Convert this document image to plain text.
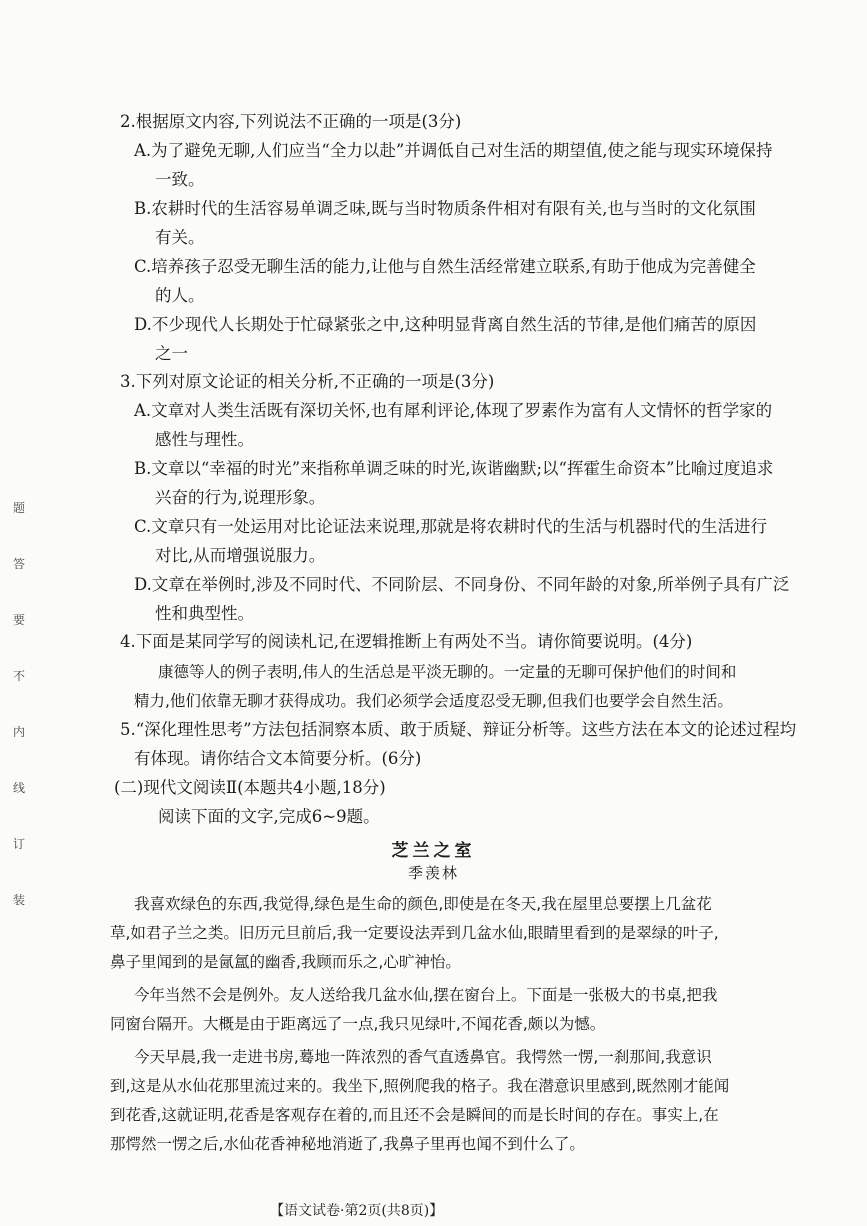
题
答
要
不
内
线
订
装
2.根据原文内容,下列说法不正确的一项是(3分)
A.为了避免无聊,人们应当“全力以赴”并调低自己对生活的期望值,使之能与现实环境保持
一致。
B.农耕时代的生活容易单调乏味,既与当时物质条件相对有限有关,也与当时的文化氛围
有关。
C.培养孩子忍受无聊生活的能力,让他与自然生活经常建立联系,有助于他成为完善健全
的人。
D.不少现代人长期处于忙碌紧张之中,这种明显背离自然生活的节律,是他们痛苦的原因
之一
3.下列对原文论证的相关分析,不正确的一项是(3分)
A.文章对人类生活既有深切关怀,也有犀利评论,体现了罗素作为富有人文情怀的哲学家的
感性与理性。
B.文章以“幸福的时光”来指称单调乏味的时光,诙谐幽默;以“挥霍生命资本”比喻过度追求
兴奋的行为,说理形象。
C.文章只有一处运用对比论证法来说理,那就是将农耕时代的生活与机器时代的生活进行
对比,从而增强说服力。
D.文章在举例时,涉及不同时代、不同阶层、不同身份、不同年龄的对象,所举例子具有广泛
性和典型性。
4.下面是某同学写的阅读札记,在逻辑推断上有两处不当。请你简要说明。(4分)
康德等人的例子表明,伟人的生活总是平淡无聊的。一定量的无聊可保护他们的时间和
精力,他们依靠无聊才获得成功。我们必须学会适度忍受无聊,但我们也要学会自然生活。
5.“深化理性思考”方法包括洞察本质、敢于质疑、辩证分析等。这些方法在本文的论述过程均
有体现。请你结合文本简要分析。(6分)
(二)现代文阅读Ⅱ(本题共4小题,18分)
阅读下面的文字,完成6~9题。
芝兰之室
季羡林
我喜欢绿色的东西,我觉得,绿色是生命的颜色,即使是在冬天,我在屋里总要摆上几盆花
草,如君子兰之类。旧历元旦前后,我一定要设法弄到几盆水仙,眼睛里看到的是翠绿的叶子,
鼻子里闻到的是氤氲的幽香,我顾而乐之,心旷神怡。
今年当然不会是例外。友人送给我几盆水仙,摆在窗台上。下面是一张极大的书桌,把我
同窗台隔开。大概是由于距离远了一点,我只见绿叶,不闻花香,颇以为憾。
今天早晨,我一走进书房,蓦地一阵浓烈的香气直透鼻官。我愕然一愣,一刹那间,我意识
到,这是从水仙花那里流过来的。我坐下,照例爬我的格子。我在潜意识里感到,既然刚才能闻
到花香,这就证明,花香是客观存在着的,而且还不会是瞬间的而是长时间的存在。事实上,在
那愕然一愣之后,水仙花香神秘地消逝了,我鼻子里再也闻不到什么了。
【语文试卷·第2页(共8页)】
